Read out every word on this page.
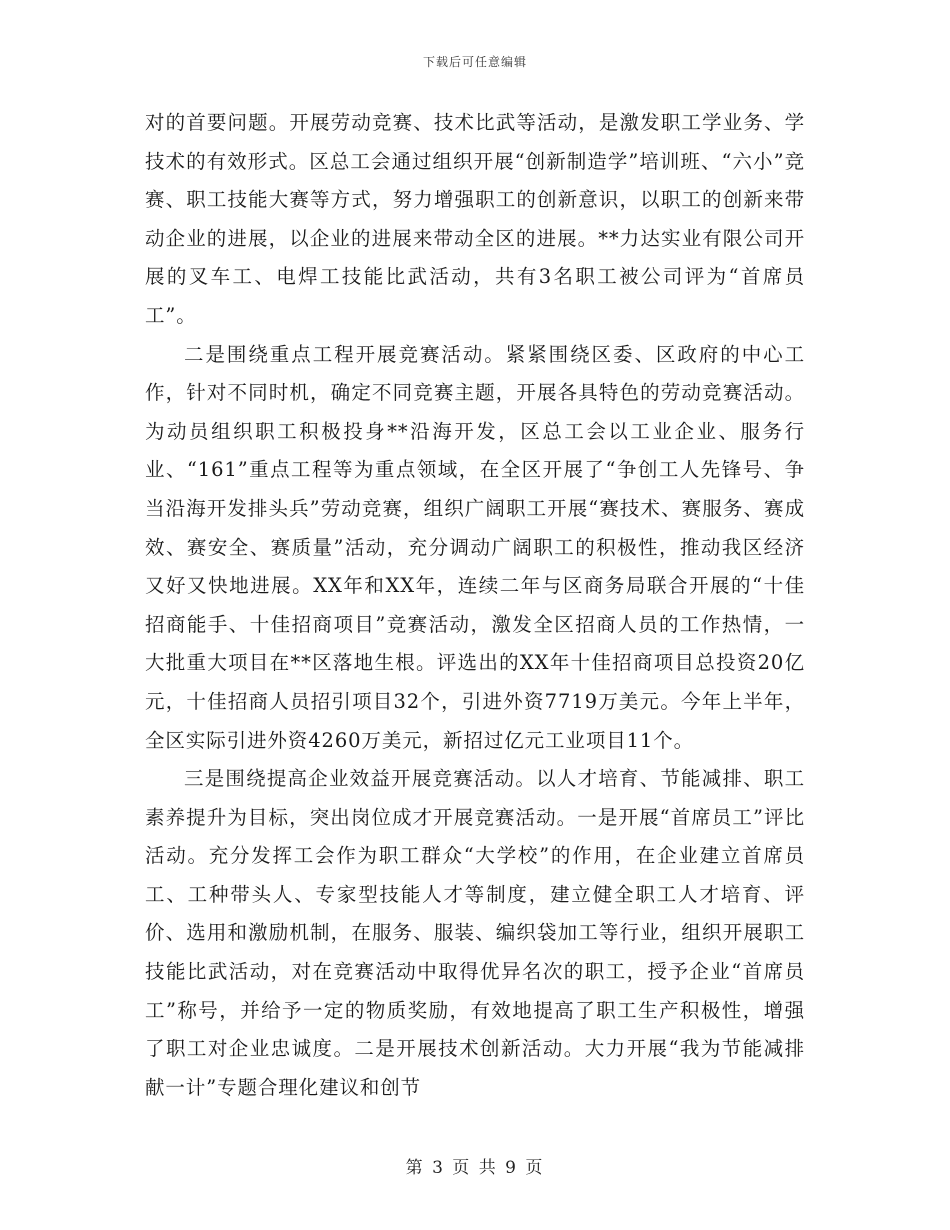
下载后可任意编辑

对的首要问题。开展劳动竞赛、技术比武等活动，是激发职工学业务、学技术的有效形式。区总工会通过组织开展“创新制造学”培训班、“六小”竞赛、职工技能大赛等方式，努力增强职工的创新意识，以职工的创新来带动企业的进展，以企业的进展来带动全区的进展。**力达实业有限公司开展的叉车工、电焊工技能比武活动，共有3名职工被公司评为“首席员工”。

二是围绕重点工程开展竞赛活动。紧紧围绕区委、区政府的中心工作，针对不同时机，确定不同竞赛主题，开展各具特色的劳动竞赛活动。为动员组织职工积极投身**沿海开发，区总工会以工业企业、服务行业、“161”重点工程等为重点领域，在全区开展了“争创工人先锋号、争当沿海开发排头兵”劳动竞赛，组织广阔职工开展“赛技术、赛服务、赛成效、赛安全、赛质量”活动，充分调动广阔职工的积极性，推动我区经济又好又快地进展。XX年和XX年，连续二年与区商务局联合开展的“十佳招商能手、十佳招商项目”竞赛活动，激发全区招商人员的工作热情，一大批重大项目在**区落地生根。评选出的XX年十佳招商项目总投资20亿元，十佳招商人员招引项目32个，引进外资7719万美元。今年上半年，全区实际引进外资4260万美元，新招过亿元工业项目11个。

三是围绕提高企业效益开展竞赛活动。以人才培育、节能减排、职工素养提升为目标，突出岗位成才开展竞赛活动。一是开展“首席员工”评比活动。充分发挥工会作为职工群众“大学校”的作用，在企业建立首席员工、工种带头人、专家型技能人才等制度，建立健全职工人才培育、评价、选用和激励机制，在服务、服装、编织袋加工等行业，组织开展职工技能比武活动，对在竞赛活动中取得优异名次的职工，授予企业“首席员工”称号，并给予一定的物质奖励，有效地提高了职工生产积极性，增强了职工对企业忠诚度。二是开展技术创新活动。大力开展“我为节能减排献一计”专题合理化建议和创节

第 3 页 共 9 页
